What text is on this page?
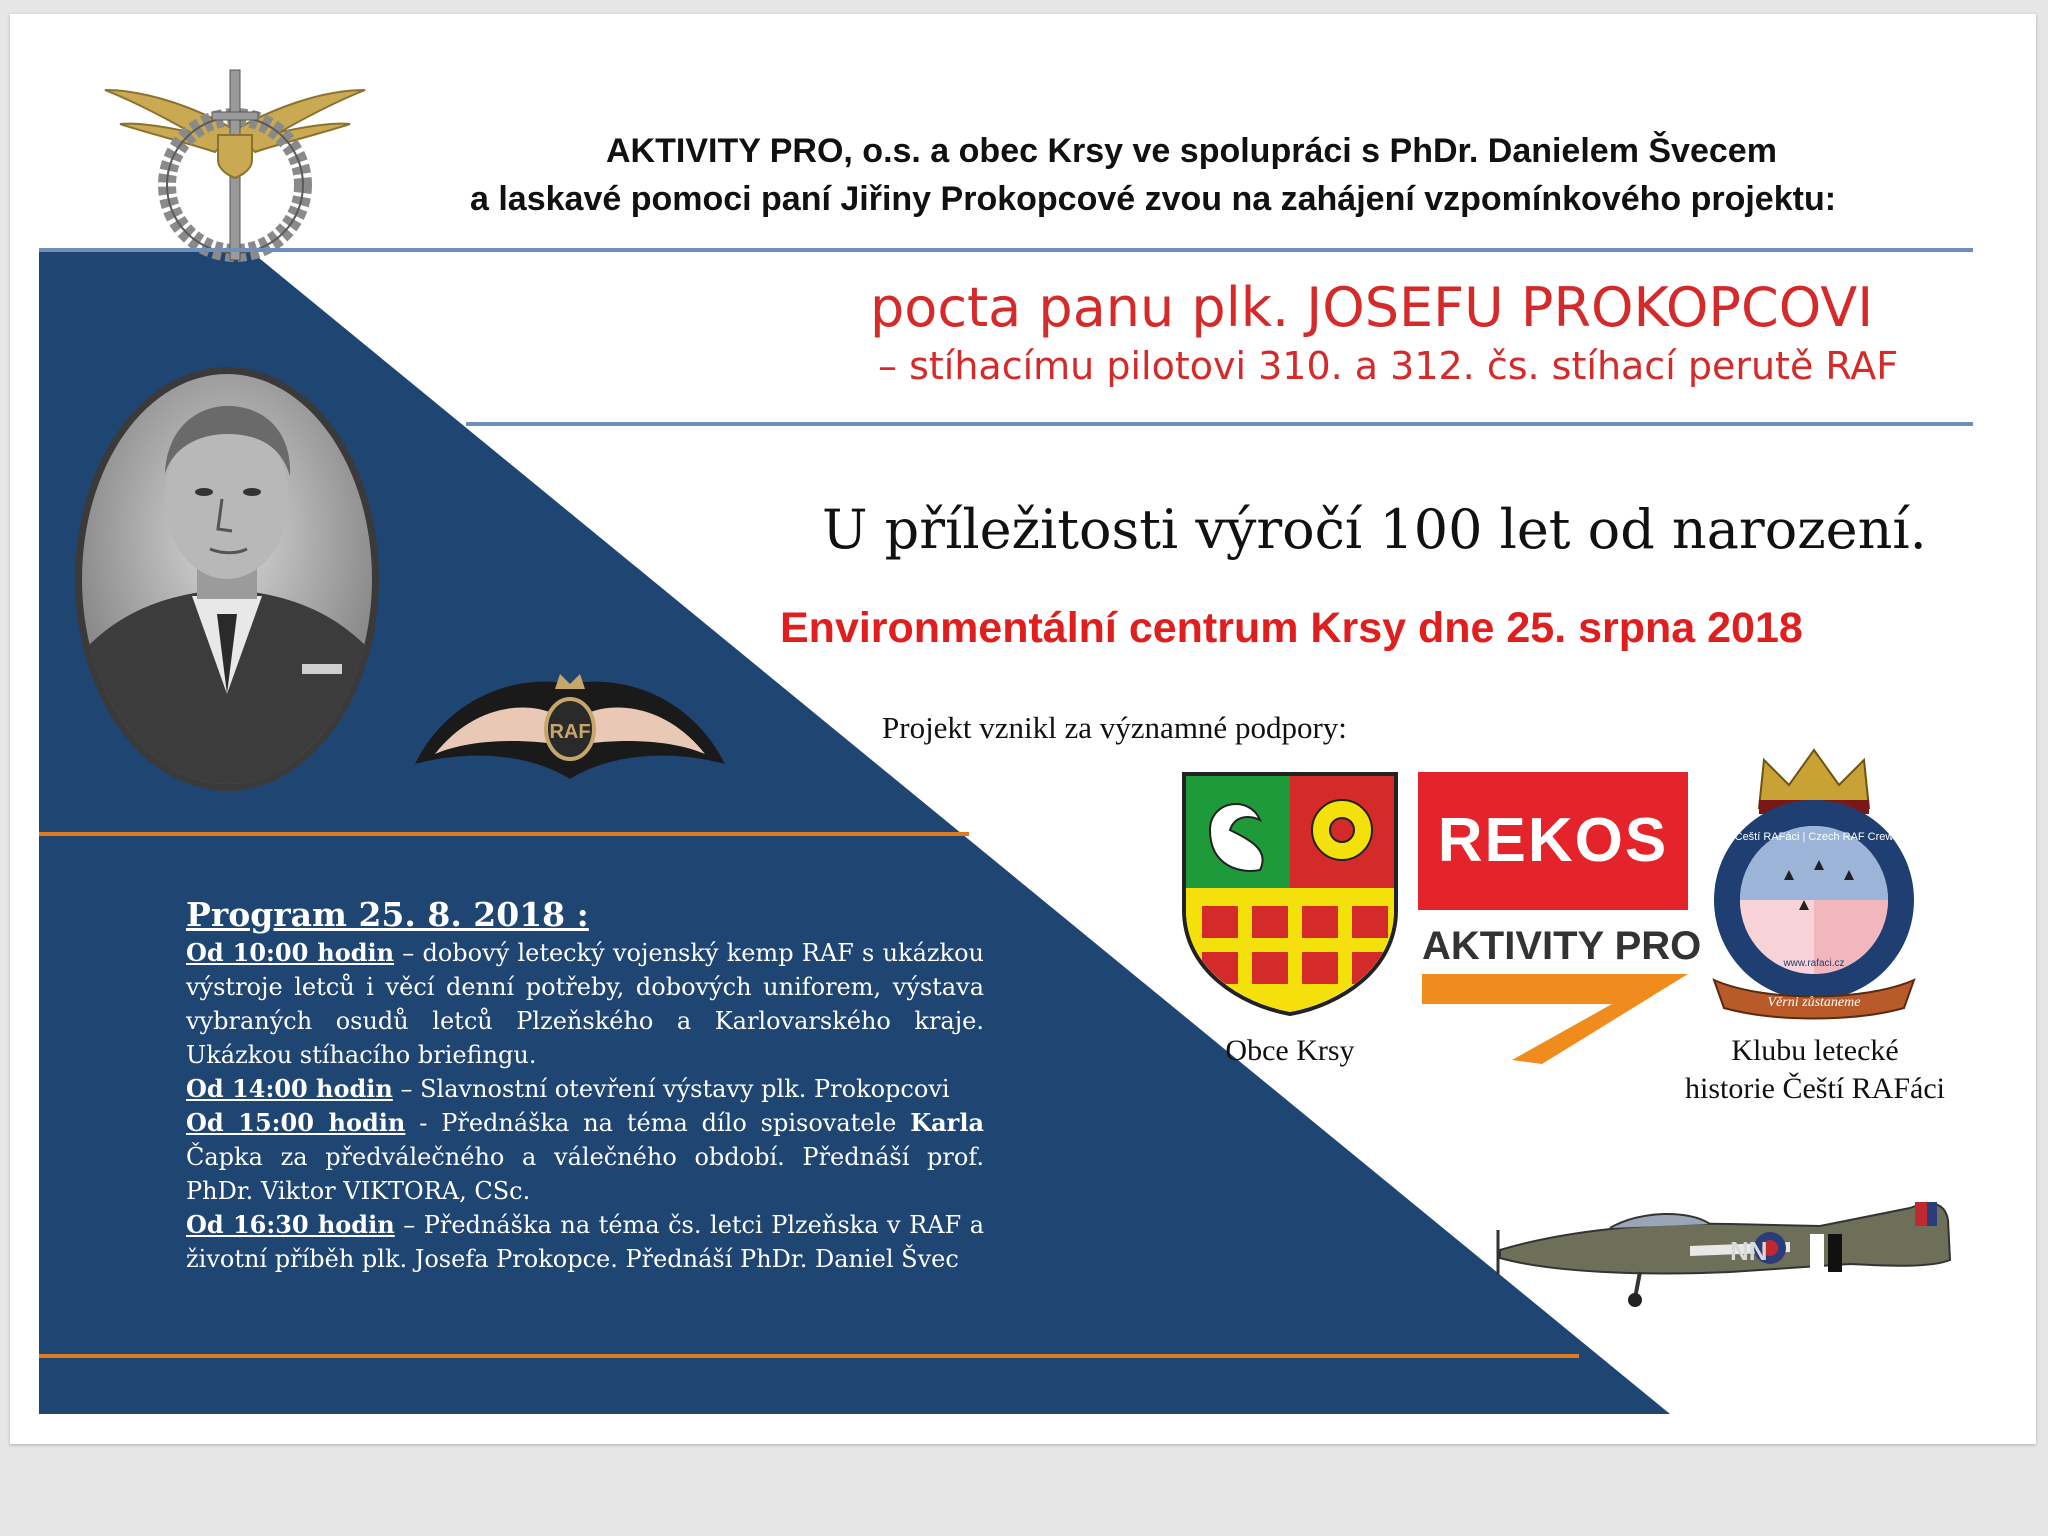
AKTIVITY PRO, o.s. a obec Krsy ve spolupráci s PhDr. Danielem Švecem
a laskavé pomoci paní Jiřiny Prokopcové zvou na zahájení vzpomínkového projektu:
pocta panu plk. JOSEFU PROKOPCOVI
– stíhacímu pilotovi 310. a 312. čs. stíhací perutě RAF
RAF
U příležitosti výročí 100 let od narození.
Environmentální centrum Krsy dne 25. srpna 2018
Projekt vznikl za významné podpory:
Program 25. 8. 2018 :

Od 10:00 hodin – dobový letecký vojenský kemp RAF s ukázkou výstroje letců i věcí denní potřeby, dobových uniforem, výstava vybraných osudů letců Plzeňského a Karlovarského kraje. Ukázkou stíhacího briefingu.

Od 14:00 hodin – Slavnostní otevření výstavy plk. Prokopcovi

Od 15:00 hodin - Přednáška na téma dílo spisovatele Karla Čapka za předválečného a válečného období. Přednáší prof. PhDr. Viktor VIKTORA, CSc.

Od 16:30 hodin – Přednáška na téma čs. letci Plzeňska v RAF a životní příběh plk. Josefa Prokopce. Přednáší PhDr. Daniel Švec

Obce Krsy
REKOS
AKTIVITY PRO
Čeští RAFáci | Czech RAF Crew
www.rafaci.cz
Věrni zůstaneme
Klubu letecké
historie Čeští RAFáci
NN
